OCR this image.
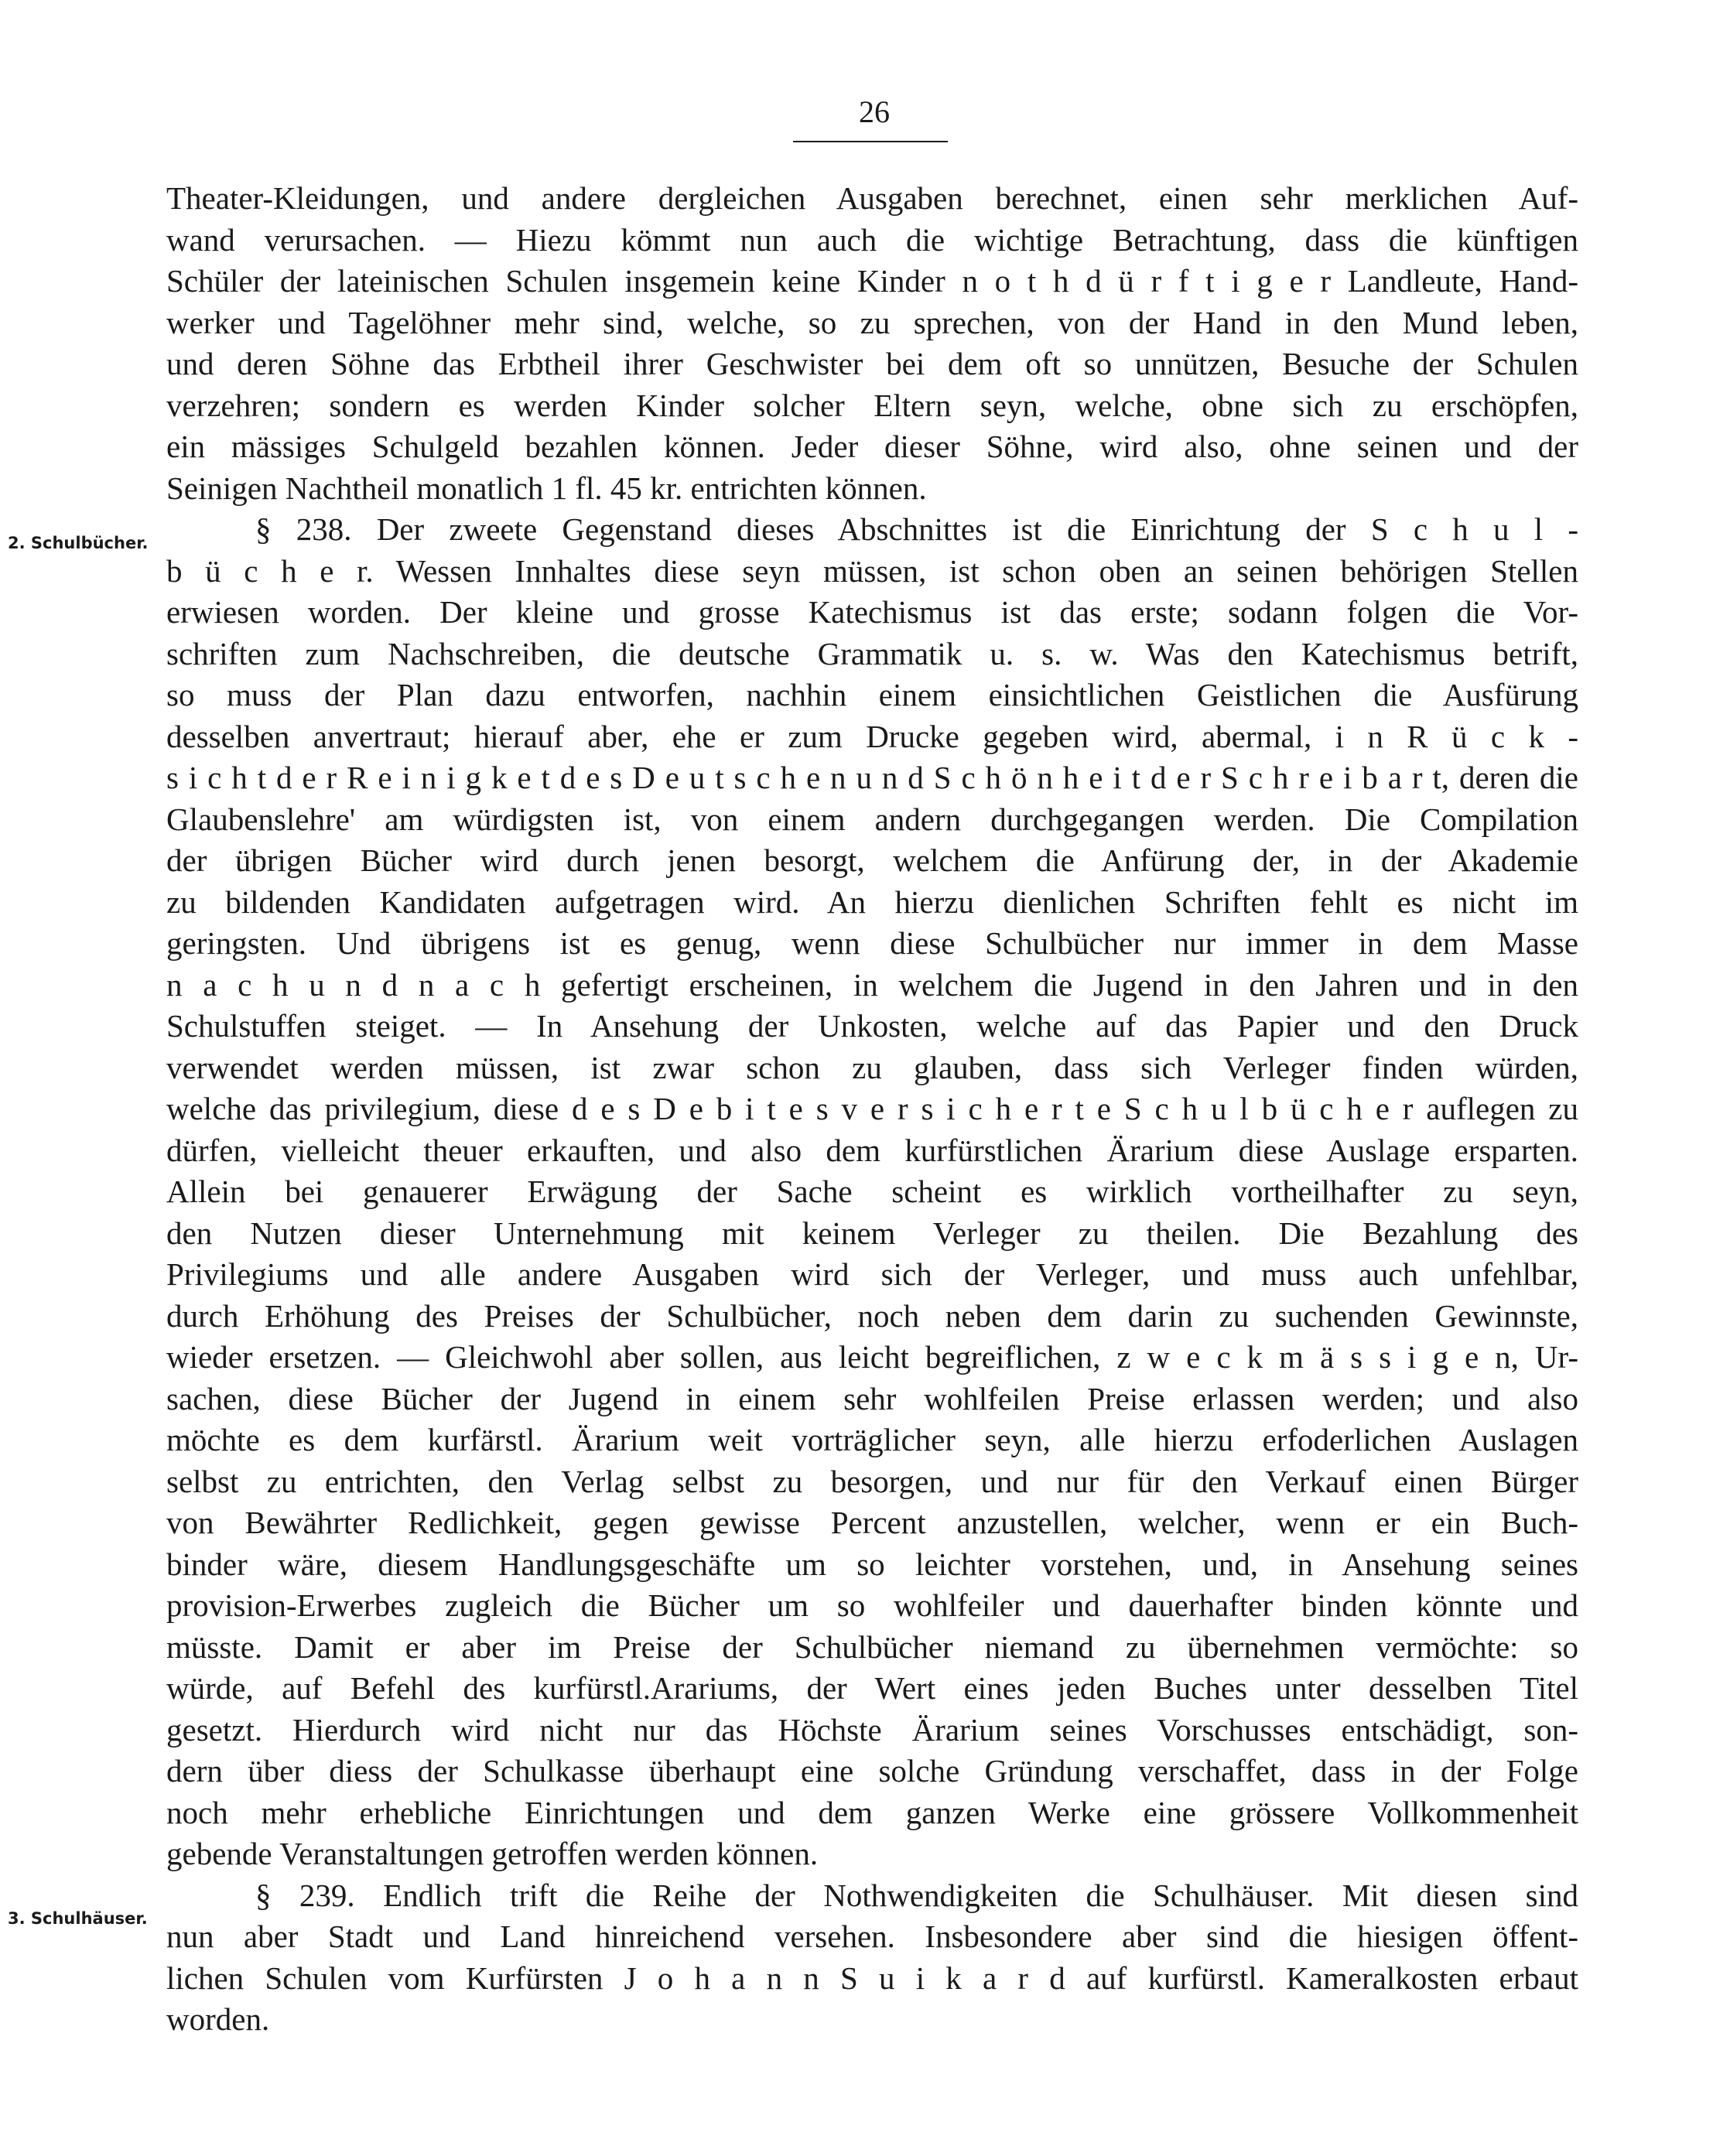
26
2. Schulbücher.
3. Schulhäuser.
Theater-Kleidungen, und andere dergleichen Ausgaben berechnet, einen sehr merklichen Auf-
wand verursachen. — Hiezu kömmt nun auch die wichtige Betrachtung, dass die künftigen
Schüler der lateinischen Schulen insgemein keine Kinder n o t h d ü r f t i g e r Landleute, Hand-
werker und Tagelöhner mehr sind, welche, so zu sprechen, von der Hand in den Mund leben,
und deren Söhne das Erbtheil ihrer Geschwister bei dem oft so unnützen, Besuche der Schulen
verzehren; sondern es werden Kinder solcher Eltern seyn, welche, obne sich zu erschöpfen,
ein mässiges Schulgeld bezahlen können. Jeder dieser Söhne, wird also, ohne seinen und der
Seinigen Nachtheil monatlich 1 fl. 45 kr. entrichten können.
§ 238. Der zweete Gegenstand dieses Abschnittes ist die Einrichtung der S c h u l -
b ü c h e r. Wessen Innhaltes diese seyn müssen, ist schon oben an seinen behörigen Stellen
erwiesen worden. Der kleine und grosse Katechismus ist das erste; sodann folgen die Vor-
schriften zum Nachschreiben, die deutsche Grammatik u. s. w. Was den Katechismus betrift,
so muss der Plan dazu entworfen, nachhin einem einsichtlichen Geistlichen die Ausfürung
desselben anvertraut; hierauf aber, ehe er zum Drucke gegeben wird, abermal, i n R ü c k -
s i c h t d e r R e i n i g k e t d e s D e u t s c h e n u n d S c h ö n h e i t d e r S c h r e i b a r t, deren die
Glaubenslehre' am würdigsten ist, von einem andern durchgegangen werden. Die Compilation
der übrigen Bücher wird durch jenen besorgt, welchem die Anfürung der, in der Akademie
zu bildenden Kandidaten aufgetragen wird. An hierzu dienlichen Schriften fehlt es nicht im
geringsten. Und übrigens ist es genug, wenn diese Schulbücher nur immer in dem Masse
n a c h u n d n a c h gefertigt erscheinen, in welchem die Jugend in den Jahren und in den
Schulstuffen steiget. — In Ansehung der Unkosten, welche auf das Papier und den Druck
verwendet werden müssen, ist zwar schon zu glauben, dass sich Verleger finden würden,
welche das privilegium, diese d e s D e b i t e s v e r s i c h e r t e S c h u l b ü c h e r auflegen zu
dürfen, vielleicht theuer erkauften, und also dem kurfürstlichen Ärarium diese Auslage ersparten.
Allein bei genauerer Erwägung der Sache scheint es wirklich vortheilhafter zu seyn,
den Nutzen dieser Unternehmung mit keinem Verleger zu theilen. Die Bezahlung des
Privilegiums und alle andere Ausgaben wird sich der Verleger, und muss auch unfehlbar,
durch Erhöhung des Preises der Schulbücher, noch neben dem darin zu suchenden Gewinnste,
wieder ersetzen. — Gleichwohl aber sollen, aus leicht begreiflichen, z w e c k m ä s s i g e n, Ur-
sachen, diese Bücher der Jugend in einem sehr wohlfeilen Preise erlassen werden; und also
möchte es dem kurfärstl. Ärarium weit vorträglicher seyn, alle hierzu erfoderlichen Auslagen
selbst zu entrichten, den Verlag selbst zu besorgen, und nur für den Verkauf einen Bürger
von Bewährter Redlichkeit, gegen gewisse Percent anzustellen, welcher, wenn er ein Buch-
binder wäre, diesem Handlungsgeschäfte um so leichter vorstehen, und, in Ansehung seines
provision-Erwerbes zugleich die Bücher um so wohlfeiler und dauerhafter binden könnte und
müsste. Damit er aber im Preise der Schulbücher niemand zu übernehmen vermöchte: so
würde, auf Befehl des kurfürstl.Arariums, der Wert eines jeden Buches unter desselben Titel
gesetzt. Hierdurch wird nicht nur das Höchste Ärarium seines Vorschusses entschädigt, son-
dern über diess der Schulkasse überhaupt eine solche Gründung verschaffet, dass in der Folge
noch mehr erhebliche Einrichtungen und dem ganzen Werke eine grössere Vollkommenheit
gebende Veranstaltungen getroffen werden können.
§ 239. Endlich trift die Reihe der Nothwendigkeiten die Schulhäuser. Mit diesen sind
nun aber Stadt und Land hinreichend versehen. Insbesondere aber sind die hiesigen öffent-
lichen Schulen vom Kurfürsten J o h a n n S u i k a r d auf kurfürstl. Kameralkosten erbaut
worden.
